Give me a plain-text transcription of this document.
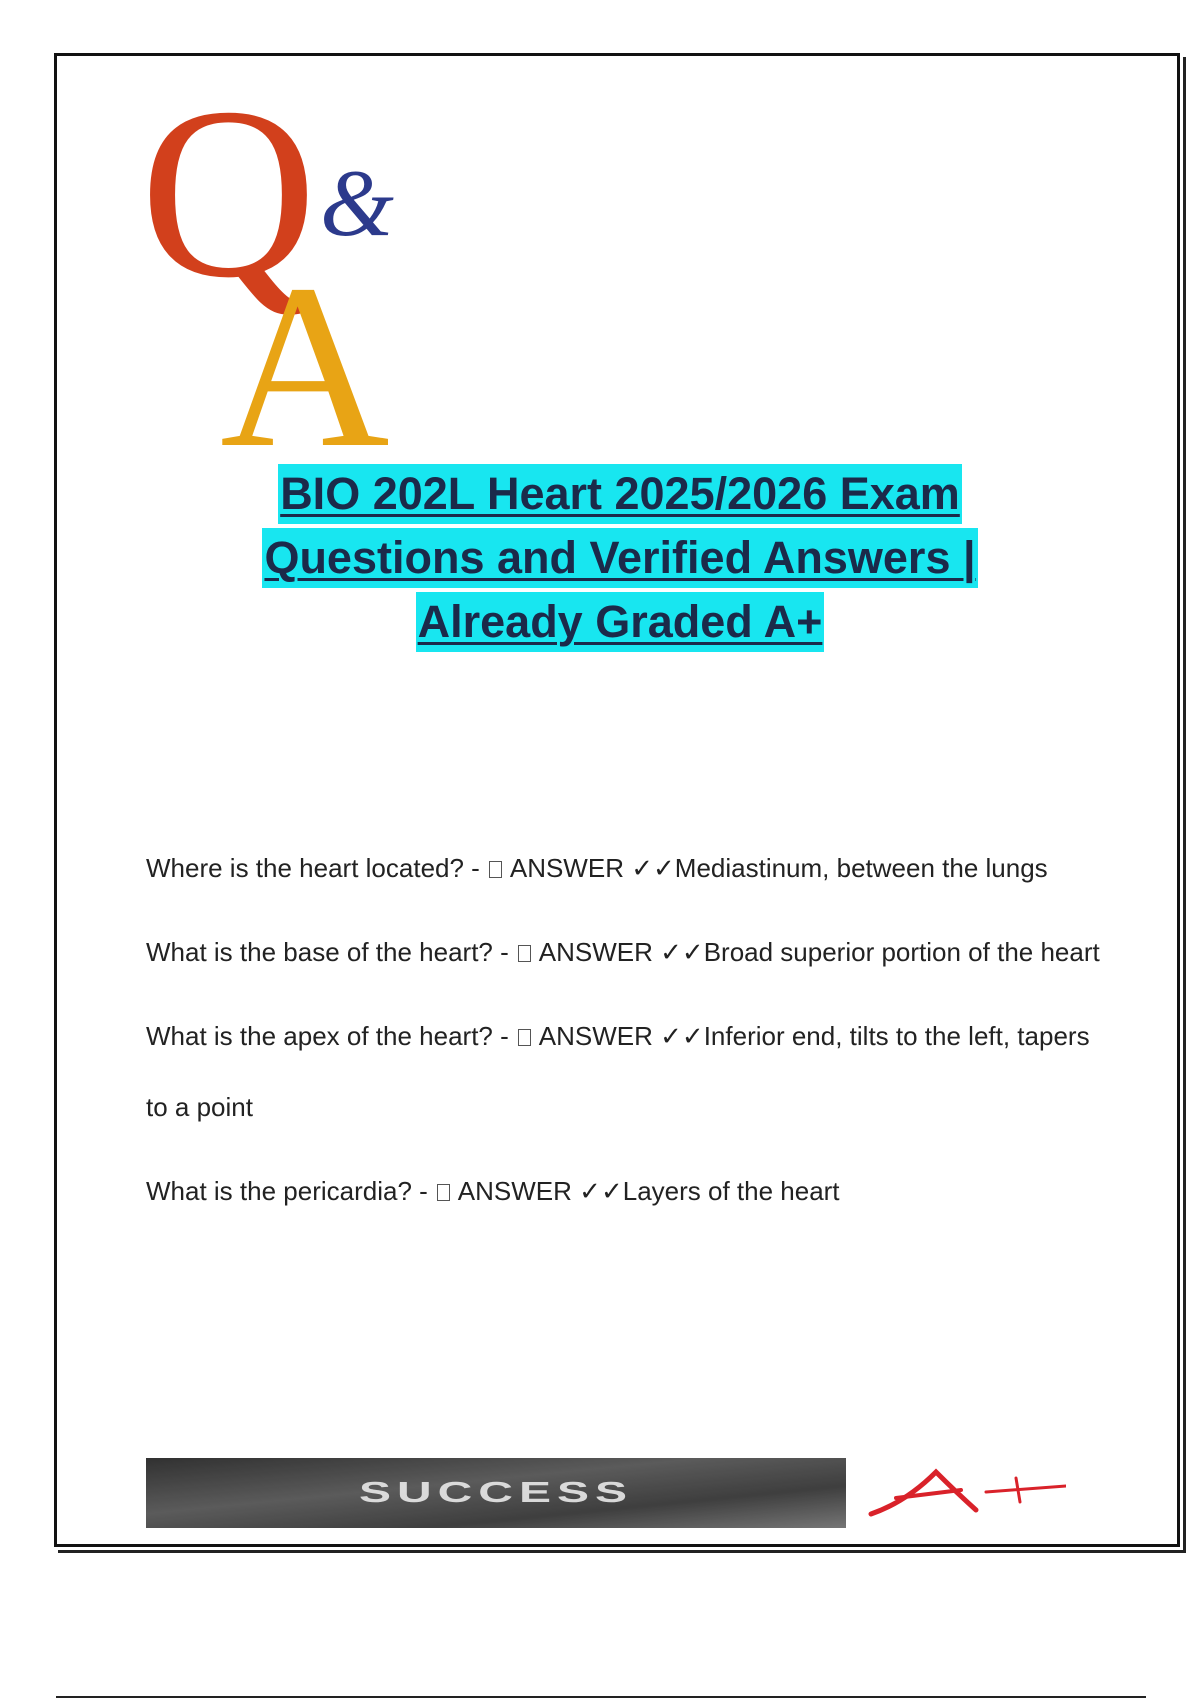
Q &
A
BIO 202L Heart 2025/2026 Exam
Questions and Verified Answers |
Already Graded A+
Where is the heart located? -  ANSWER ✓✓Mediastinum, between the lungs
What is the base of the heart? -  ANSWER ✓✓Broad superior portion of the heart
What is the apex of the heart? -  ANSWER ✓✓Inferior end, tilts to the left, tapers to a point
What is the pericardia? -  ANSWER ✓✓Layers of the heart
SUCCESS
A+
